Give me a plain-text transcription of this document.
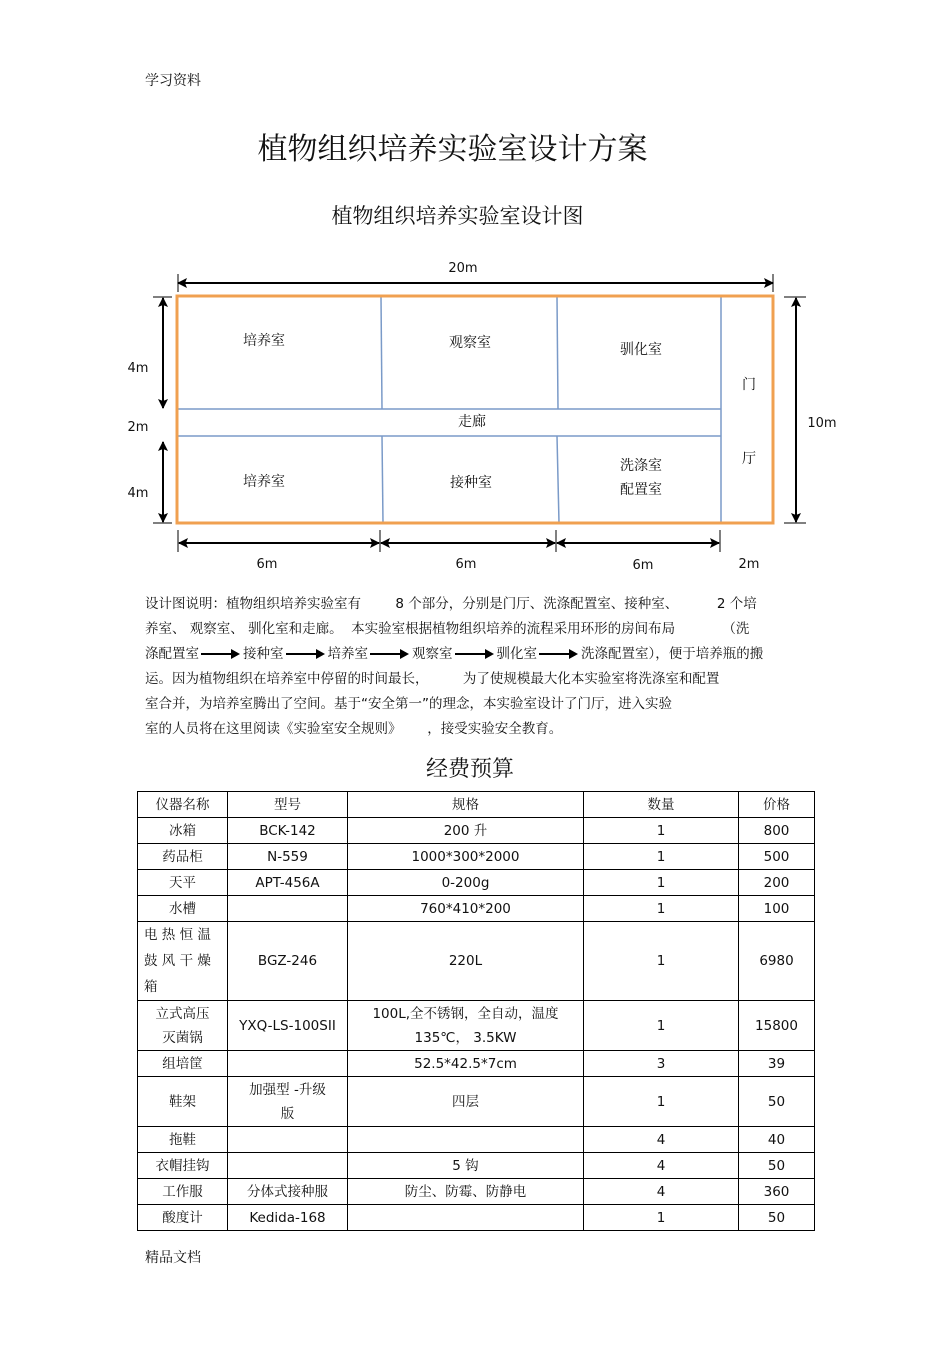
学习资料
植物组织培养实验室设计方案
植物组织培养实验室设计图
20m
培养室	观察室	驯化室
门
厅
走廊
培养室	接种室
洗涤室
配置室
4m
2m
4m
10m
6m	6m	6m	2m

设计图说明：植物组织培养实验室有	8 个部分，分别是门厅、洗涤配置室、接种室、	2 个培

养室、 观察室、 驯化室和走廊。  本实验室根据植物组织培养的流程采用环形的房间布局	（洗

涤配置室	接种室	培养室	观察室	驯化室	洗涤配置室），便于培养瓶的搬

运。因为植物组织在培养室中停留的时间最长，	为了使规模最大化本实验室将洗涤室和配置

室合并，为培养室腾出了空间。基于“安全第一”的理念，本实验室设计了门厅，进入实验

室的人员将在这里阅读《实验室安全规则》 ，接受实验安全教育。

经费预算
仪器名称	型号	规格	数量	价格
冰箱	BCK-142	200 升	1	800
药品柜	N-559	1000*300*2000	1	500
天平	APT-456A	0-200g	1	200
水槽		760*410*200	1	100
电 热 恒 温
鼓 风 干 燥
箱	BGZ-246	220L	1	6980
立式高压
灭菌锅	YXQ-LS-100SII	100L,全不锈钢，全自动，温度
135℃， 3.5KW	1	15800
组培筐		52.5*42.5*7cm	3	39
鞋架	加强型 -升级
版	四层	1	50
拖鞋			4	40
衣帽挂钩		5 钩	4	50
工作服	分体式接种服	防尘、防霉、防静电	4	360
酸度计	Kedida-168		1	50
精品文档
